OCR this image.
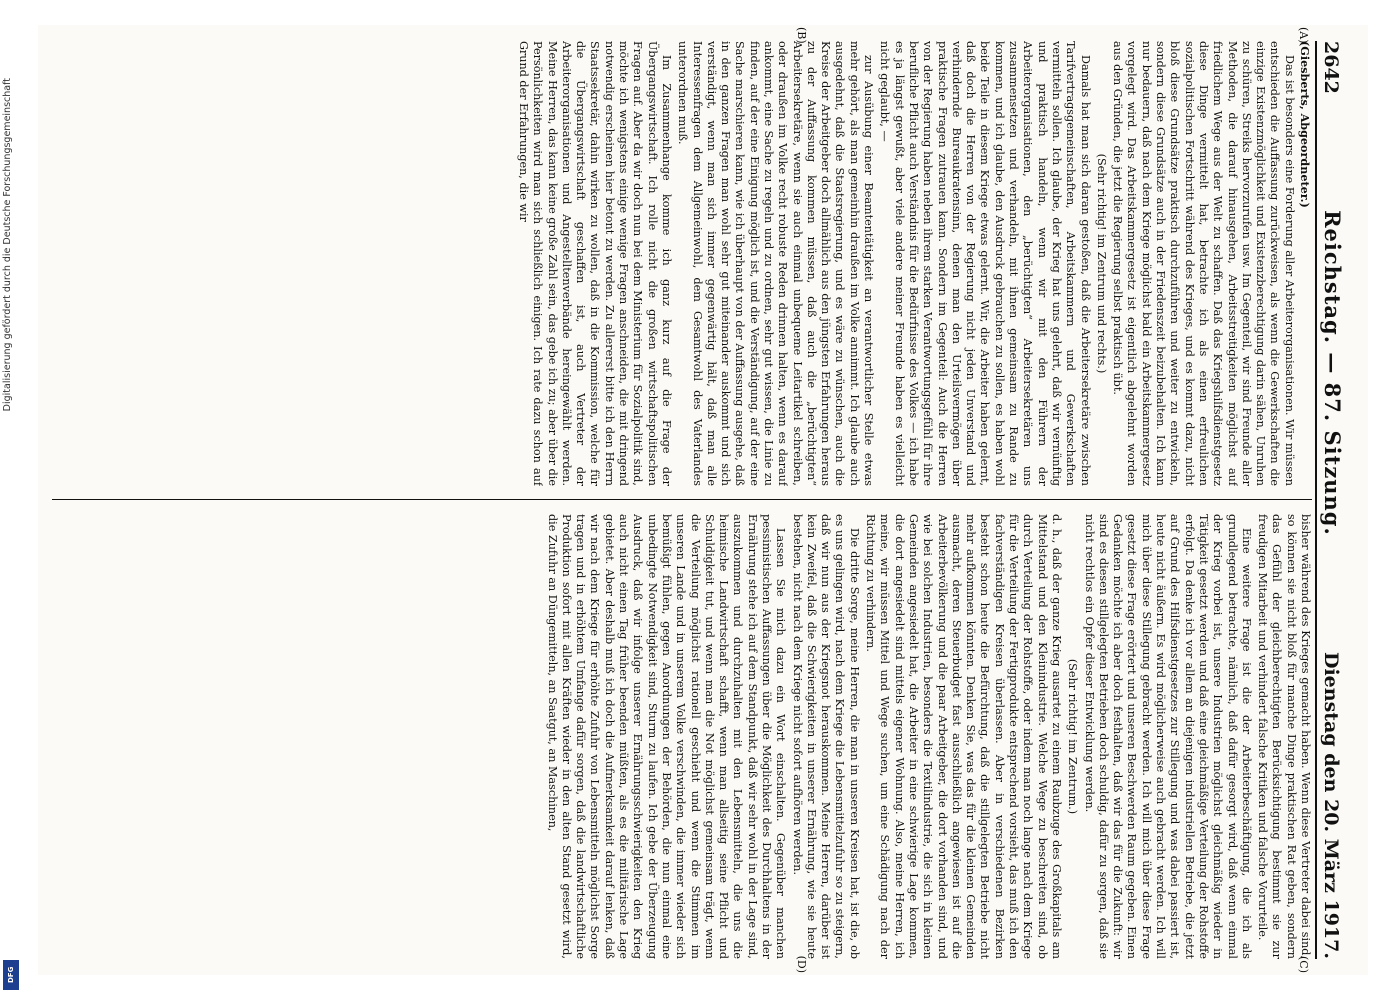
Digitalisierung gefördert durch die Deutsche Forschungsgemeinschaft
DFG
2642
Reichstag. — 87. Sitzung.
Dienstag den 20. März 1917.
(A)
(B)
(C)
(D)

(Giesberts, Abgeordneter.)

Das ist besonders eine Forderung aller Arbeiterorganisationen. Wir müssen entschieden die Auffassung zurückweisen, als wenn die Gewerkschaften die einzige Existenzmöglichkeit und Existenzberechtigung darin sähen, Unruhen zu schüren, Streiks hervorzurufen usw. Im Gegenteil, wir sind Freunde aller Methoden, die darauf hinausgehen, Arbeitsstreitigkeiten möglichst auf friedlichem Wege aus der Welt zu schaffen. Daß das Kriegshilfsdienstgesetz diese Dinge vermittelt hat, betrachte ich als einen erfreulichen sozialpolitischen Fortschritt während des Krieges, und es kommt dazu, nicht bloß diese Grundsätze praktisch durchzuführen und weiter zu entwickeln, sondern diese Grundsätze auch in der Friedenszeit beizubehalten. Ich kann nur bedauern, daß nach dem Kriege möglichst bald ein Arbeitskammergesetz vorgelegt wird. Das Arbeitskammergesetz ist eigentlich abgelehnt worden aus den Gründen, die jetzt die Regierung selbst praktisch übt.

(Sehr richtig! im Zentrum und rechts.)

Damals hat man sich daran gestoßen, daß die Arbeitersekretäre zwischen Tarifvertragsgemeinschaften, Arbeitskammern und Gewerkschaften vermitteln sollen. Ich glaube, der Krieg hat uns gelehrt, daß wir vernünftig und praktisch handeln, wenn wir mit den Führern der Arbeiterorganisationen, den „berüchtigten“ Arbeitersekretären uns zusammensetzen und verhandeln, mit ihnen gemeinsam zu Rande zu kommen, und ich glaube, den Ausdruck gebrauchen zu sollen, es haben wohl beide Teile in diesem Kriege etwas gelernt. Wir, die Arbeiter haben gelernt, daß doch die Herren von der Regierung nicht jeden Unverstand und verhindernde Bureaukratensinn, denen man den Urteilsvermögen über praktische Fragen zutrauen kann. Sondern im Gegenteil: Auch die Herren von der Regierung haben neben ihrem starken Verantwortungsgefühl für ihre berufliche Pflicht auch Verständnis für die Bedürfnisse des Volkes — ich habe es ja längst gewußt, aber viele andere meiner Freunde haben es vielleicht nicht geglaubt, —

zur Ausübung einer Beamtentätigkeit an verantwortlicher Stelle etwas mehr gehört, als man gemeinhin draußen im Volke annimmt. Ich glaube auch ausgedehnt, daß die Staatsregierung, und es wäre zu wünschen, auch die Kreise der Arbeitgeber doch allmählich aus den jüngsten Erfahrungen heraus zu der Auffassung kommen müssen, daß auch die „berüchtigten“ Arbeitersekretäre, wenn sie auch einmal unbequeme Leitartikel schreiben, oder draußen im Volke recht robuste Reden drinnen halten, wenn es darauf ankommt, eine Sache zu regeln und zu ordnen, sehr gut wissen, die Linie zu finden, auf der eine Einigung möglich ist, und die Verständigung, auf der eine Sache marschieren kann, wie ich überhaupt von der Auffassung ausgehe, daß in den ganzen Fragen man wohl sehr gut miteinander auskommt und sich verständigt, wenn man sich immer gegenwärtig hält, daß man alle Interessenfragen dem Allgemeinwohl, dem Gesamtwohl des Vaterlandes unterordnen muß.

Im Zusammenhange komme ich ganz kurz auf die Frage der Übergangswirtschaft. Ich rolle nicht die großen wirtschaftspolitischen Fragen auf. Aber da wir doch nun bei dem Ministerium für Sozialpolitik sind, möchte ich wenigstens einige wenige Fragen anschneiden, die mit dringend notwendig erscheinen hier betont zu werden. Zu allererst bitte ich den Herrn Staatssekretär, dahin wirken zu wollen, daß in die Kommission, welche für die Übergangswirtschaft geschaffen ist, auch Vertreter der Arbeiterorganisationen und Angestelltenverbände hereingewählt werden. Meine Herren, das kann keine große Zahl sein, das gebe ich zu; aber über die Persönlichkeiten wird man sich schließlich einigen. Ich rate dazu schon auf Grund der Erfahrungen, die wir

bisher während des Krieges gemacht haben. Wenn diese Vertreter dabei sind, so können sie nicht bloß für manche Dinge praktischen Rat geben, sondern das Gefühl der gleichberechtigten Berücksichtigung bestimmt sie zur freudigen Mitarbeit und verhindert falsche Kritiken und falsche Vorurteile.

Eine weitere Frage ist die der Arbeiterbeschäftigung, die ich als grundlegend betrachte, nämlich, daß dafür gesorgt wird, daß wenn einmal der Krieg vorbei ist, unsere Industrien möglichst gleichmäßig wieder in Tätigkeit gesetzt werden und daß eine gleichmäßige Verteilung der Rohstoffe erfolgt. Da denke ich vor allem an diejenigen industriellen Betriebe, die jetzt auf Grund des Hilfsdienstgesetzes zur Stillegung und was dabei passiert ist, heute nicht äußern. Es wird möglicherweise auch gebracht werden. Ich will mich über diese Stillegung gebracht werden. Ich will mich über diese Frage gesetzt diese Frage erörtert und unseren Beschwerden Raum gegeben. Einen Gedanken möchte ich aber doch festhalten, daß wir das für die Zukunft: wir sind es diesen stillgelegten Betrieben doch schuldig, dafür zu sorgen, daß sie nicht rechtlos ein Opfer dieser Entwicklung werden.

(Sehr richtig! im Zentrum.)

d. h., daß der ganze Krieg ausartet zu einem Raubzuge des Großkapitals am Mittelstand und den Kleinindustrie. Welche Wege zu beschreiten sind, ob durch Verteilung der Rohstoffe, oder indem man noch lange nach dem Kriege für die Verteilung der Fertigprodukte entsprechend vorsieht, das muß ich den fachverständigen Kreisen überlassen. Aber in verschiedenen Bezirken besteht schon heute die Befürchtung, daß die stillgelegten Betriebe nicht mehr aufkommen könnten. Denken Sie, was das für die kleinen Gemeinden ausmacht, deren Steuerbudget fast ausschließlich angewiesen ist auf die Arbeiterbevölkerung und die paar Arbeitgeber, die dort vorhanden sind, und wie bei solchen Industrien, besonders die Textilindustrie, die sich in kleinen Gemeinden angesiedelt hat, die Arbeiter in eine schwierige Lage kommen, die dort angesiedelt sind mittels eigener Wohnung. Also, meine Herren, ich meine, wir müssen Mittel und Wege suchen, um eine Schädigung nach der Richtung zu verhindern.

Die dritte Sorge, meine Herren, die man in unseren Kreisen hat, ist die, ob es uns gelingen wird, nach dem Kriege die Lebensmittelzufuhr so zu steigern, daß wir nun aus der Kriegsnot herauskommen. Meine Herren, darüber ist kein Zweifel, daß die Schwierigkeiten in unserer Ernährung, wie sie heute bestehen, nicht nach dem Kriege nicht sofort aufhören werden.

Lassen Sie mich dazu ein Wort einschalten. Gegenüber manchen pessimistischen Auffassungen über die Möglichkeit des Durchhaltens in der Ernährung stehe ich auf dem Standpunkt, daß wir sehr wohl in der Lage sind, auszukommen und durchzuhalten mit den Lebensmitteln, die uns die heimische Landwirtschaft schafft, wenn man allseitig seine Pflicht und Schuldigkeit tut, und wenn man die Not möglichst gemeinsam trägt, wenn die Verteilung möglichst rationell geschieht und wenn die Stimmen im unseren Lande und in unserem Volke verschwinden, die immer wieder sich bemüßigt fühlen, gegen Anordnungen der Behörden, die nun einmal eine unbedingte Notwendigkeit sind, Sturm zu laufen. Ich gebe der Überzeugung Ausdruck, daß wir infolge unserer Ernährungsschwierigkeiten den Krieg auch nicht einen Tag früher beenden müßten, als es die militärische Lage gebietet. Aber deshalb muß ich doch die Aufmerksamkeit darauf lenken, daß wir nach dem Kriege für erhöhte Zufuhr von Lebensmitteln möglichst Sorge tragen und in erhöhtem Umfange dafür sorgen, daß die landwirtschaftliche Produktion sofort mit allen Kräften wieder in den alten Stand gesetzt wird, die Zufuhr an Düngemitteln, an Saatgut, an Maschinen,
